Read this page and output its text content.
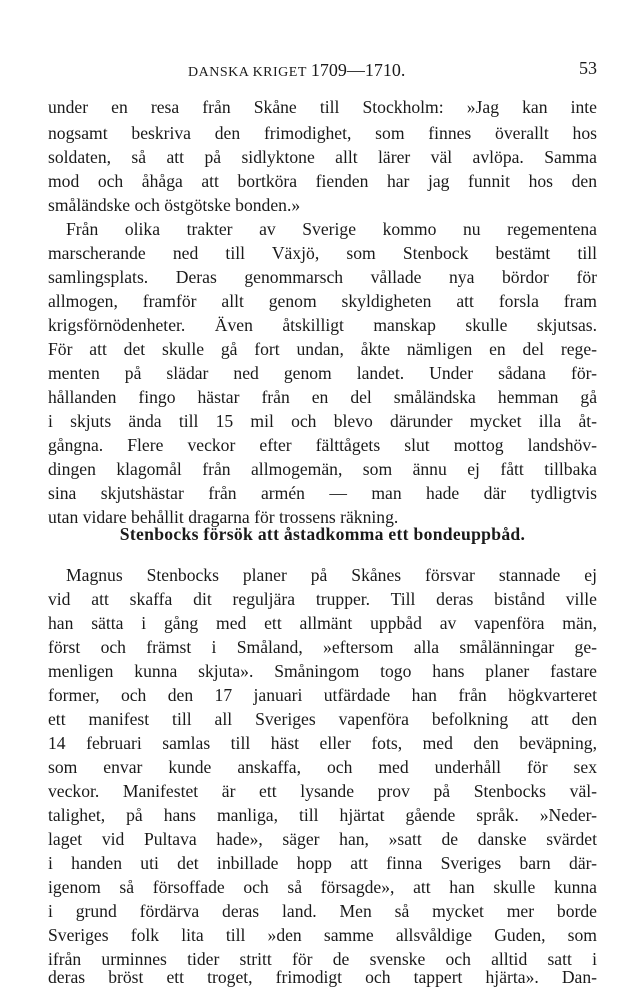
DANSKA KRIGET 1709—1710.	53
under en resa från Skåne till Stockholm: »Jag kan inte
nogsamt beskriva den frimodighet, som finnes överallt hos
soldaten, så att på sidlyktone allt lärer väl avlöpa. Samma
mod och åhåga att bortköra fienden har jag funnit hos den
småländske och östgötske bonden.»
Från olika trakter av Sverige kommo nu regementena
marscherande ned till Växjö, som Stenbock bestämt till
samlingsplats. Deras genommarsch vållade nya bördor för
allmogen, framför allt genom skyldigheten att forsla fram
krigsförnödenheter. Även åtskilligt manskap skulle skjutsas.
För att det skulle gå fort undan, åkte nämligen en del rege-
menten på slädar ned genom landet. Under sådana för-
hållanden fingo hästar från en del småländska hemman gå
i skjuts ända till 15 mil och blevo därunder mycket illa åt-
gångna. Flere veckor efter fälttågets slut mottog landshöv-
dingen klagomål från allmogemän, som ännu ej fått tillbaka
sina skjutshästar från armén — man hade där tydligtvis
utan vidare behållit dragarna för trossens räkning.
Stenbocks försök att åstadkomma ett bondeuppbåd.
Magnus Stenbocks planer på Skånes försvar stannade ej
vid att skaffa dit reguljära trupper. Till deras bistånd ville
han sätta i gång med ett allmänt uppbåd av vapenföra män,
först och främst i Småland, »eftersom alla smålänningar ge-
menligen kunna skjuta». Småningom togo hans planer fastare
former, och den 17 januari utfärdade han från högkvarteret
ett manifest till all Sveriges vapenföra befolkning att den
14 februari samlas till häst eller fots, med den beväpning,
som envar kunde anskaffa, och med underhåll för sex
veckor. Manifestet är ett lysande prov på Stenbocks väl-
talighet, på hans manliga, till hjärtat gående språk. »Neder-
laget vid Pultava hade», säger han, »satt de danske svärdet
i handen uti det inbillade hopp att finna Sveriges barn där-
igenom så försoffade och så försagde», att han skulle kunna
i grund fördärva deras land. Men så mycket mer borde
Sveriges folk lita till »den samme allsvåldige Guden, som
ifrån urminnes tider stritt för de svenske och alltid satt i
deras bröst ett troget, frimodigt och tappert hjärta». Dan-
